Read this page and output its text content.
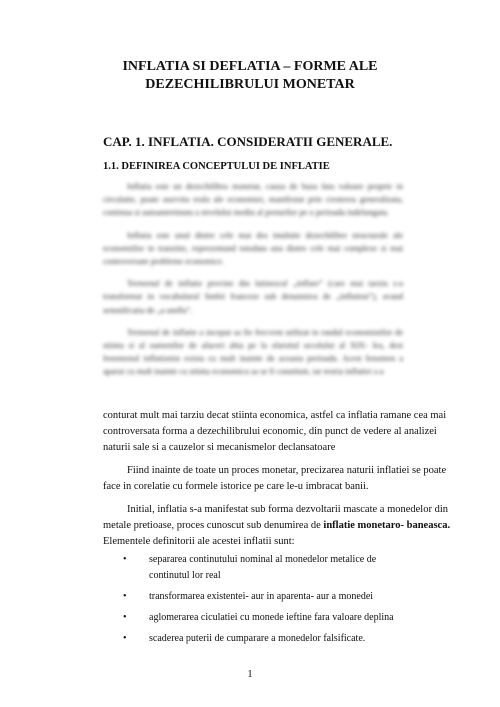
INFLATIA SI DEFLATIA – FORME ALE
DEZECHILIBRULUI MONETAR
CAP. 1. INFLATIA. CONSIDERATII GENERALE.
1.1. DEFINIREA CONCEPTULUI DE INFLATIE

Inflatia este un dezechilibru monetar, cauza de baza fata valoare proprie in circulatie, poate aservita reala ale economiei, manifestat prin cresterea generalizata, continua si autoantretinuta a nivelului mediu al preturilor pe o perioada indelungata.

Inflatia este unul dintre cele mai des intalnite dezechilibre structurale ale economiilor in tranzitie, reprezentand totodata una dintre cele mai complexe si mai controversate probleme economice.

Termenul de inflatie provine din latinescul „inflare” (care mai tarziu s-a transformat in vocabularul limbii franceze sub denumirea de „inflation”), avand semnificatia de „a umfla”.

Termenul de inflatie a inceput sa fie frecvent utilizat in randul economistilor de stiinta si al oamenilor de afaceri abia pe la sfarsitul secolului al XIX- lea, desi fenomenul inflationist exista cu mult inainte de aceasta perioada. Acest fenomen a aparut cu mult inainte ca stiinta economica sa se fi constituit, iar teoria inflatiei s-a

conturat mult mai tarziu decat stiinta economica, astfel ca inflatia ramane cea mai
controversata forma a dezechilibrului economic, din punct de vedere al analizei
naturii sale si a cauzelor si mecanismelor declansatoare
Fiind inainte de toate un proces monetar, precizarea naturii inflatiei se poate
face in corelatie cu formele istorice pe care le-u imbracat banii.
Initial, inflatia s-a manifestat sub forma dezvoltarii mascate a monedelor din
metale pretioase, proces cunoscut sub denumirea de inflatie monetaro- baneasca.
Elementele definitorii ale acestei inflatii sunt:
• separarea continutului nominal al monedelor metalice de continutul lor real
• transformarea existentei- aur in aparenta- aur a monedei
• aglomerarea ciculatiei cu monede ieftine fara valoare deplina
• scaderea puterii de cumparare a monedelor falsificate.
1
